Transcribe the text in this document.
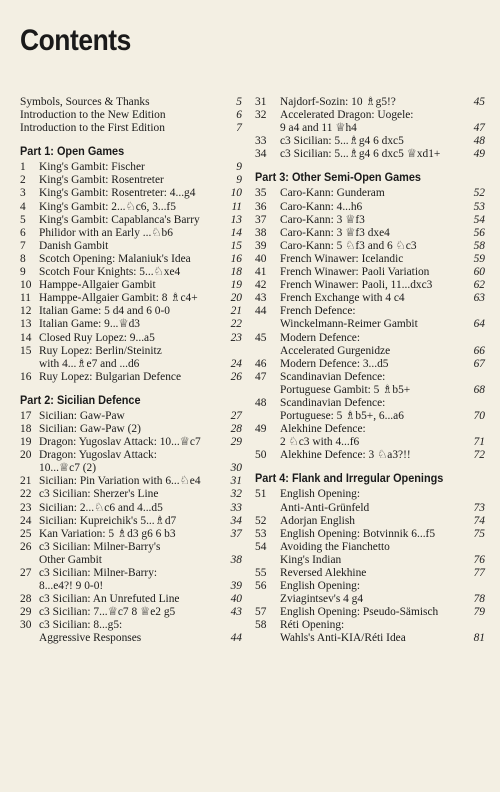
Contents
Symbols, Sources & Thanks	5
Introduction to the New Edition	6
Introduction to the First Edition	7
Part 1: Open Games
1	King's Gambit: Fischer	9
2	King's Gambit: Rosentreter	9
3	King's Gambit: Rosentreter: 4...g4	10
4	King's Gambit: 2...♘c6, 3...f5	11
5	King's Gambit: Capablanca's Barry	13
6	Philidor with an Early ...♘b6	14
7	Danish Gambit	15
8	Scotch Opening: Malaniuk's Idea	16
9	Scotch Four Knights: 5...♘xe4	18
10 Hamppe-Allgaier Gambit	19
11 Hamppe-Allgaier Gambit: 8 ♗c4+	20
12 Italian Game: 5 d4 and 6 0-0	21
13 Italian Game: 9...♕d3	22
14 Closed Ruy Lopez: 9...a5	23
15 Ruy Lopez: Berlin/Steinitz
with 4...♗e7 and ...d6	24
16 Ruy Lopez: Bulgarian Defence	26
Part 2: Sicilian Defence
17 Sicilian: Gaw-Paw	27
18 Sicilian: Gaw-Paw (2)	28
19 Dragon: Yugoslav Attack: 10...♕c7	29
20 Dragon: Yugoslav Attack:
10...♕c7 (2)	30
21 Sicilian: Pin Variation with 6...♘e4	31
22 c3 Sicilian: Sherzer's Line	32
23 Sicilian: 2...♘c6 and 4...d5	33
24 Sicilian: Kupreichik's 5...♗d7	34
25 Kan Variation: 5 ♗d3 g6 6 b3	37
26 c3 Sicilian: Milner-Barry's
Other Gambit	38
27 c3 Sicilian: Milner-Barry:
8...e4?! 9 0-0!	39
28 c3 Sicilian: An Unrefuted Line	40
29 c3 Sicilian: 7...♕c7 8 ♕e2 g5	43
30 c3 Sicilian: 8...g5:
Aggressive Responses	44
31	Najdorf-Sozin: 10 ♗g5!?	45
32	Accelerated Dragon: Uogele:
9 a4 and 11 ♕h4	47
33	c3 Sicilian: 5...♗g4 6 dxc5	48
34	c3 Sicilian: 5...♗g4 6 dxc5 ♕xd1+	49
Part 3: Other Semi-Open Games
35	Caro-Kann: Gunderam	52
36	Caro-Kann: 4...h6	53
37	Caro-Kann: 3 ♕f3	54
38	Caro-Kann: 3 ♕f3 dxe4	56
39	Caro-Kann: 5 ♘f3 and 6 ♘c3	58
40	French Winawer: Icelandic	59
41	French Winawer: Paoli Variation	60
42	French Winawer: Paoli, 11...dxc3	62
43	French Exchange with 4 c4	63
44	French Defence:
Winckelmann-Reimer Gambit	64
45	Modern Defence:
Accelerated Gurgenidze	66
46	Modern Defence: 3...d5	67
47	Scandinavian Defence:
Portuguese Gambit: 5 ♗b5+	68
48	Scandinavian Defence:
Portuguese: 5 ♗b5+, 6...a6	70
49	Alekhine Defence:
2 ♘c3 with 4...f6	71
50	Alekhine Defence: 3 ♘a3?!!	72
Part 4: Flank and Irregular Openings
51	English Opening:
Anti-Anti-Grünfeld	73
52	Adorjan English	74
53	English Opening: Botvinnik 6...f5	75
54	Avoiding the Fianchetto
King's Indian	76
55	Reversed Alekhine	77
56	English Opening:
Zviagintsev's 4 g4	78
57	English Opening: Pseudo-Sämisch	79
58	Réti Opening:
Wahls's Anti-KIA/Réti Idea	81
